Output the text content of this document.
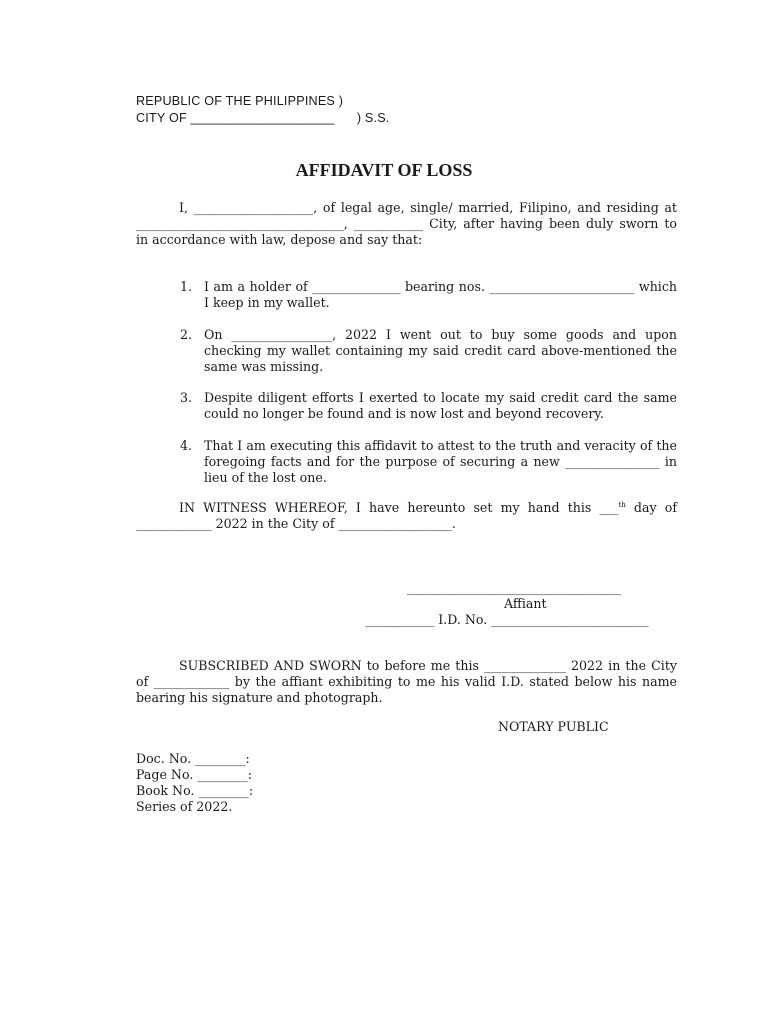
REPUBLIC OF THE PHILIPPINES )
CITY OF ____________________      ) S.S.
AFFIDAVIT OF LOSS
I, ___________________, of legal age, single/ married, Filipino, and residing at _________________________________, ___________ City, after having been duly sworn to in accordance with law, depose and say that:
1. I am a holder of ______________ bearing nos. _______________________ which I keep in my wallet.
2. On ________________, 2022 I went out to buy some goods and upon checking my wallet containing my said credit card above-mentioned the same was missing.
3. Despite diligent efforts I exerted to locate my said credit card the same could no longer be found and is now lost and beyond recovery.
4. That I am executing this affidavit to attest to the truth and veracity of the foregoing facts and for the purpose of securing a new _______________ in lieu of the lost one.
IN WITNESS WHEREOF, I have hereunto set my hand this ___$^{th}$ day of ____________ 2022 in the City of __________________.
__________________________________
Affiant
___________ I.D. No. _________________________
SUBSCRIBED AND SWORN to before me this _____________ 2022 in the City of ____________ by the affiant exhibiting to me his valid I.D. stated below his name bearing his signature and photograph.
NOTARY PUBLIC
Doc. No. ________:
Page No. ________:
Book No. ________:
Series of 2022.
